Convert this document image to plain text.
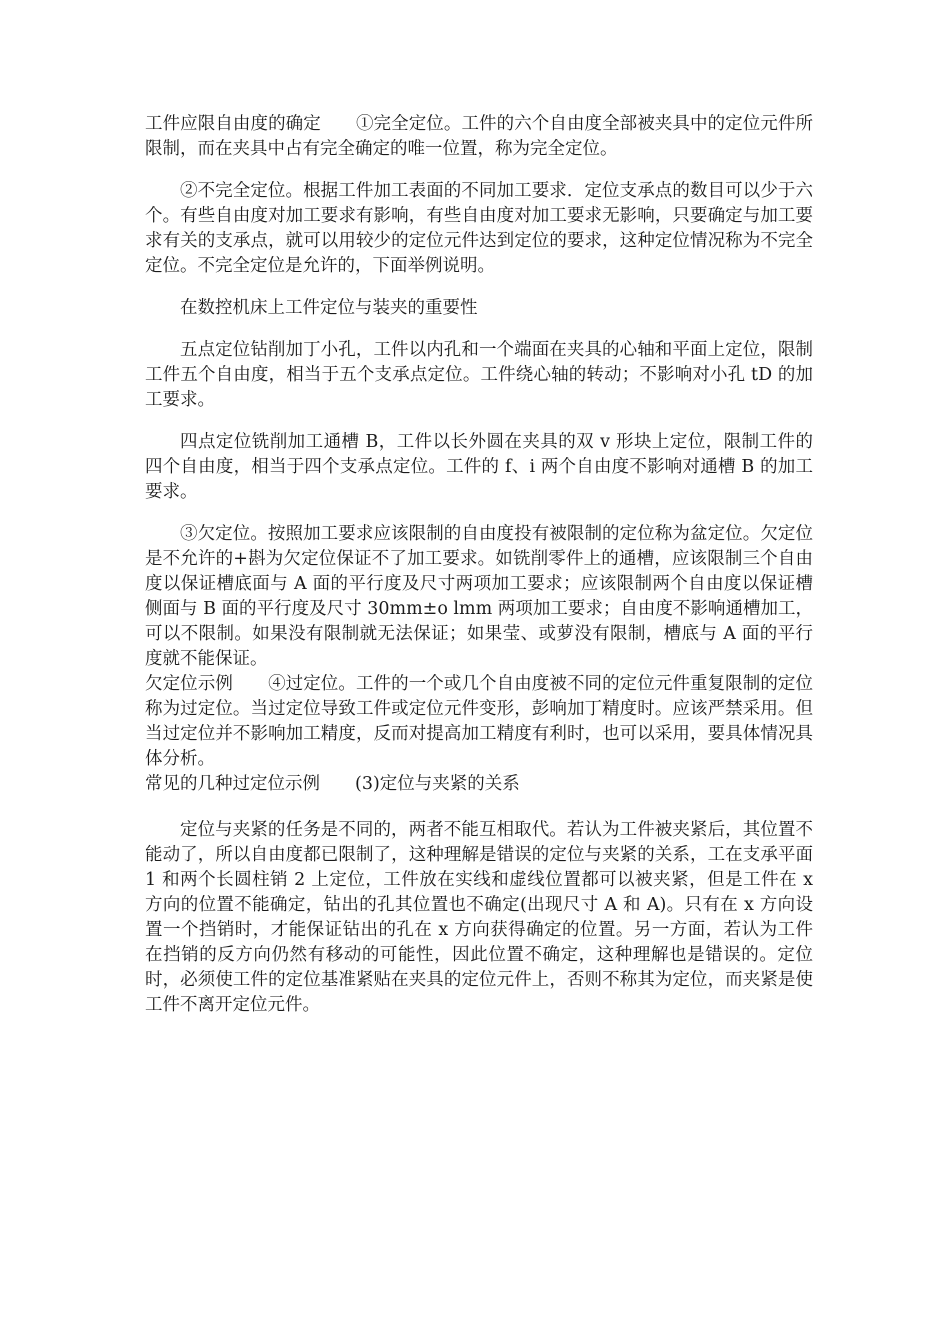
工件应限自由度的确定　　①完全定位。工件的六个自由度全部被夹具中的定位元件所限制，而在夹具中占有完全确定的唯一位置，称为完全定位。

②不完全定位。根据工件加工表面的不同加工要求．定位支承点的数目可以少于六个。有些自由度对加工要求有影响，有些自由度对加工要求无影响，只要确定与加工要求有关的支承点，就可以用较少的定位元件达到定位的要求，这种定位情况称为不完全定位。不完全定位是允许的，下面举例说明。

在数控机床上工件定位与装夹的重要性

五点定位钻削加丁小孔，工件以内孔和一个端面在夹具的心轴和平面上定位，限制工件五个自由度，相当于五个支承点定位。工件绕心轴的转动；不影响对小孔 tD 的加工要求。

四点定位铣削加工通槽 B，工件以长外圆在夹具的双 v 形块上定位，限制工件的四个自由度，相当于四个支承点定位。工件的 f、i 两个自由度不影响对通槽 B 的加工要求。

③欠定位。按照加工要求应该限制的自由度投有被限制的定位称为盆定位。欠定位是不允许的+斟为欠定位保证不了加工要求。如铣削零件上的通槽，应该限制三个自由度以保证槽底面与 A 面的平行度及尺寸两项加工要求；应该限制两个自由度以保证槽侧面与 B 面的平行度及尺寸 30mm±o lmm 两项加工要求；自由度不影响通槽加工，可以不限制。如果没有限制就无法保证；如果莹、或萝没有限制，槽底与 A 面的平行度就不能保证。

欠定位示例　　④过定位。工件的一个或几个自由度被不同的定位元件重复限制的定位称为过定位。当过定位导致工件或定位元件变形，彭响加丁精度时。应该严禁采用。但当过定位并不影响加工精度，反而对提高加工精度有利时，也可以采用，要具体情况具体分析。

常见的几种过定位示例　　(3)定位与夹紧的关系

定位与夹紧的任务是不同的，两者不能互相取代。若认为工件被夹紧后，其位置不能动了，所以自由度都已限制了，这种理解是错误的定位与夹紧的关系，工在支承平面 1 和两个长圆柱销 2 上定位，工件放在实线和虚线位置都可以被夹紧，但是工件在 x 方向的位置不能确定，钻出的孔其位置也不确定(出现尺寸 A 和 A)。只有在 x 方向设置一个挡销时，才能保证钻出的孔在 x 方向获得确定的位置。另一方面，若认为工件在挡销的反方向仍然有移动的可能性，因此位置不确定，这种理解也是错误的。定位时，必须使工件的定位基准紧贴在夹具的定位元件上，否则不称其为定位，而夹紧是使工件不离开定位元件。
